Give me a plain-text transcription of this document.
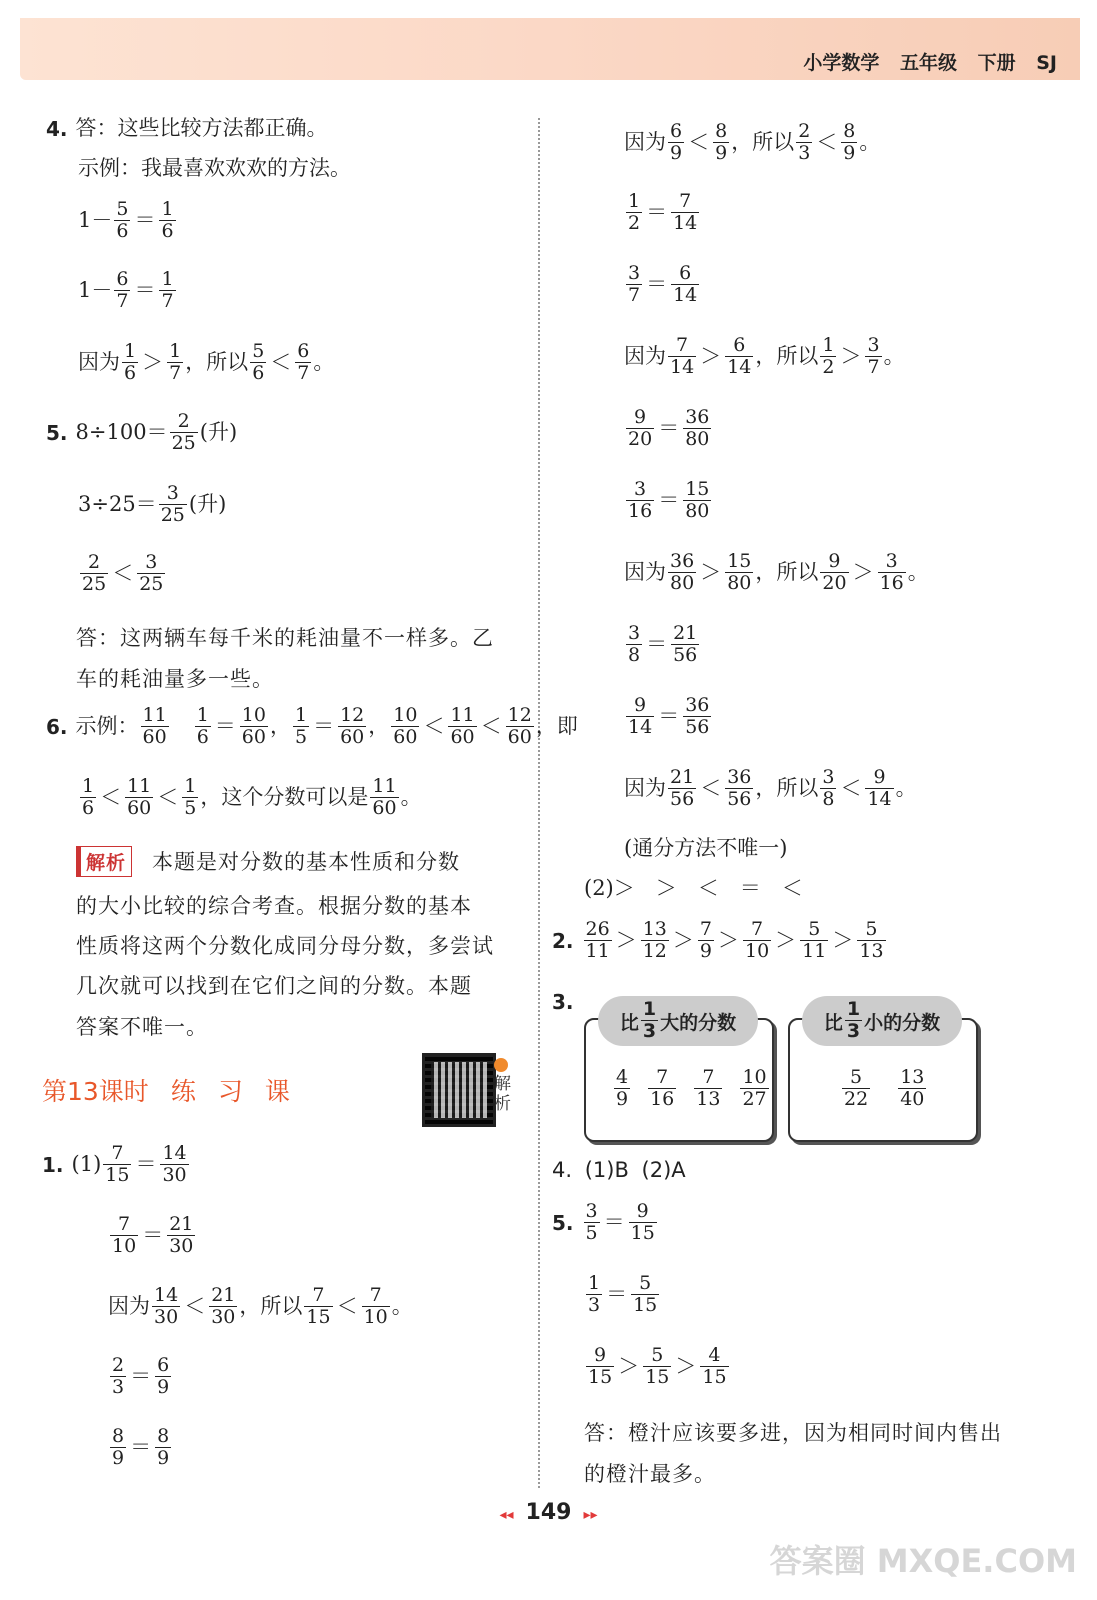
小学数学 五年级 下册 SJ
4. 答：这些比较方法都正确。
示例：我最喜欢欢欢的方法。
$1- \frac{5}{6} = \frac{1}{6}$
$1- \frac{6}{7} = \frac{1}{7}$
因为 $\frac{1}{6} > \frac{1}{7}$ ，所以 $\frac{5}{6} < \frac{6}{7}$ 。
5. $8\div 100= \frac{2}{25}$ (升)
$3\div 25= \frac{3}{25}$ (升)
$\frac{2}{25} < \frac{3}{25}$
答：这两辆车每千米的耗油量不一样多。乙
车的耗油量多一些。
6. 示例： $\frac{11}{60} \frac{1}{6} = \frac{10}{60}$ ， $\frac{1}{5} = \frac{12}{60}$ ， $\frac{10}{60} < \frac{11}{60} < \frac{12}{60}$ ，即
$\frac{1}{6} < \frac{11}{60} < \frac{1}{5}$ ，这个分数可以是 $\frac{11}{60}$ 。
解析 本题是对分数的基本性质和分数
的大小比较的综合考查。根据分数的基本
性质将这两个分数化成同分母分数，多尝试
几次就可以找到在它们之间的分数。本题
答案不唯一。
第13课时 练 习 课	解
析
1. $(1) \frac{7}{15} = \frac{14}{30}$
$\frac{7}{10} = \frac{21}{30}$
因为 $\frac{14}{30} < \frac{21}{30}$ ，所以 $\frac{7}{15} < \frac{7}{10}$ 。
$\frac{2}{3} = \frac{6}{9}$
$\frac{8}{9} = \frac{8}{9}$
因为 $\frac{6}{9} < \frac{8}{9}$ ，所以 $\frac{2}{3} < \frac{8}{9}$ 。
$\frac{1}{2} = \frac{7}{14}$
$\frac{3}{7} = \frac{6}{14}$
因为 $\frac{7}{14} > \frac{6}{14}$ ，所以 $\frac{1}{2} > \frac{3}{7}$ 。
$\frac{9}{20} = \frac{36}{80}$
$\frac{3}{16} = \frac{15}{80}$
因为 $\frac{36}{80} > \frac{15}{80}$ ，所以 $\frac{9}{20} > \frac{3}{16}$ 。
$\frac{3}{8} = \frac{21}{56}$
$\frac{9}{14} = \frac{36}{56}$
因为 $\frac{21}{56} < \frac{36}{56}$ ，所以 $\frac{3}{8} < \frac{9}{14}$ 。
(通分方法不唯一)
(2)＞　＞　＜　＝　＜
2. $\frac{26}{11} > \frac{13}{12} > \frac{7}{9} > \frac{7}{10} > \frac{5}{11} > \frac{5}{13}$
3.
比 $\frac{1}{3}$ 大的分数
$\frac{4}{9} \frac{7}{16} \frac{7}{13} \frac{10}{27}$
比 $\frac{1}{3}$ 小的分数
$\frac{5}{22} \frac{13}{40}$
4. (1)B (2)A
5. $\frac{3}{5} = \frac{9}{15}$
$\frac{1}{3} = \frac{5}{15}$
$\frac{9}{15} > \frac{5}{15} > \frac{4}{15}$
答：橙汁应该要多进，因为相同时间内售出
的橙汁最多。
◂◂ 149 ▸▸
答案圈 MXQE.COM
